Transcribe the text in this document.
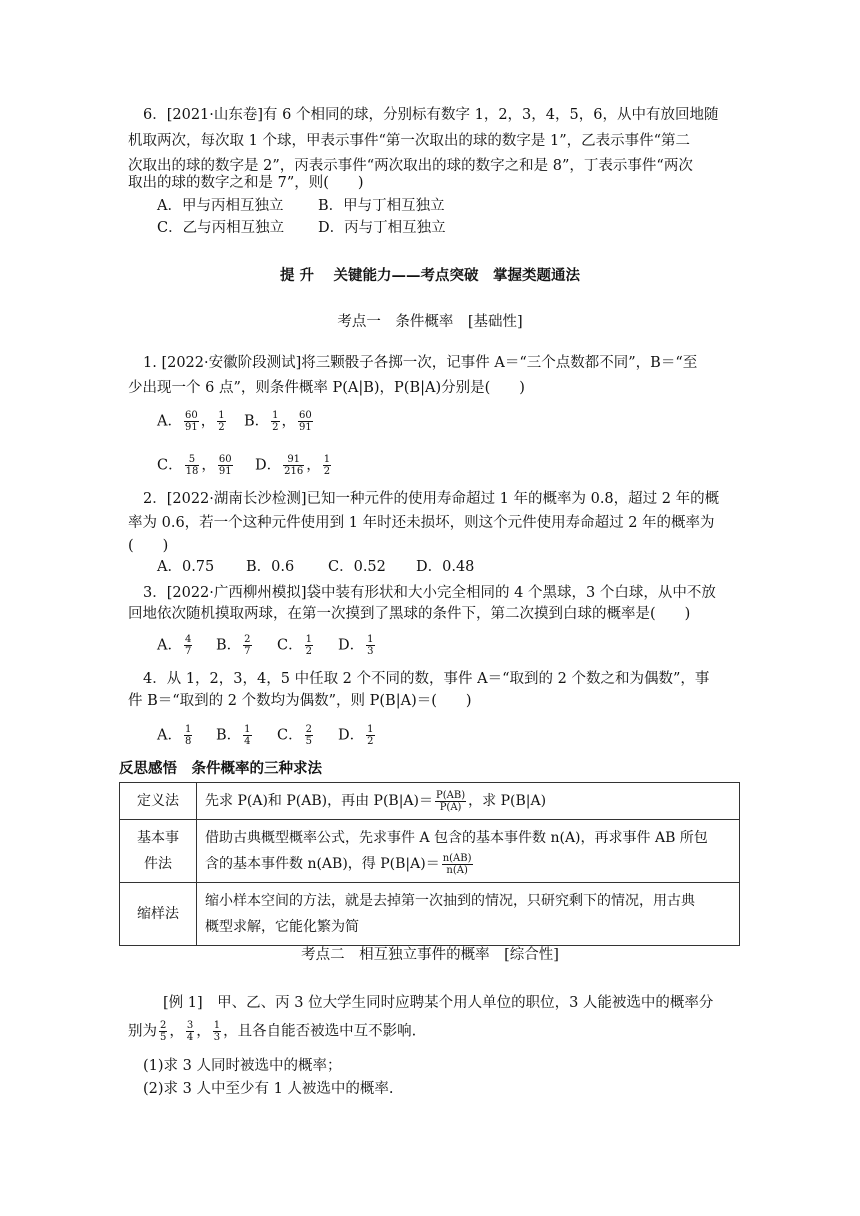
6．[2021·山东卷]有 6 个相同的球，分别标有数字 1，2，3，4，5，6，从中有放回地随
机取两次，每次取 1 个球，甲表示事件“第一次取出的球的数字是 1”，乙表示事件“第二
次取出的球的数字是 2”，丙表示事件“两次取出的球的数字之和是 8”，丁表示事件“两次
取出的球的数字之和是 7”，则(　　)
A．甲与丙相互独立 B．甲与丁相互独立
C．乙与丙相互独立 D．丙与丁相互独立
提 升　 关键能力——考点突破　掌握类题通法
考点一　条件概率　[基础性]
1. [2022·安徽阶段测试]将三颗骰子各掷一次，记事件 A＝“三个点数都不同”，B＝“至
少出现一个 6 点”，则条件概率 P(A|B)，P(B|A)分别是(　　)
A． $\frac{60}{91}$ ， $\frac{1}{2}$ B． $\frac{1}{2}$ ， $\frac{60}{91}$
C． $\frac{5}{18}$ ， $\frac{60}{91}$ D． $\frac{91}{216}$ ， $\frac{1}{2}$
2．[2022·湖南长沙检测]已知一种元件的使用寿命超过 1 年的概率为 0.8，超过 2 年的概
率为 0.6，若一个这种元件使用到 1 年时还未损坏，则这个元件使用寿命超过 2 年的概率为
(　　)
A．0.75 B．0.6 C．0.52 D．0.48
3．[2022·广西柳州模拟]袋中装有形状和大小完全相同的 4 个黑球，3 个白球，从中不放
回地依次随机摸取两球，在第一次摸到了黑球的条件下，第二次摸到白球的概率是(　　)
A． $\frac{4}{7}$ B． $\frac{2}{7}$ C． $\frac{1}{2}$ D． $\frac{1}{3}$
4．从 1，2，3，4，5 中任取 2 个不同的数，事件 A＝“取到的 2 个数之和为偶数”，事
件 B＝“取到的 2 个数均为偶数”，则 P(B|A)＝(　　)
A． $\frac{1}{8}$ B． $\frac{1}{4}$ C． $\frac{2}{5}$ D． $\frac{1}{2}$
反思感悟　条件概率的三种求法
定义法	先求 P(A)和 P(AB)，再由 $P(B|A)= \frac{P(AB)}{P(A)}$ ，求 P(B|A)
基本事
件法	借助古典概型概率公式，先求事件 A 包含的基本事件数 n(A)，再求事件 AB 所包
含的基本事件数 n(AB)，得 $P(B|A)= \frac{n(AB)}{n(A)}$

缩样法	缩小样本空间的方法，就是去掉第一次抽到的情况，只研究剩下的情况，用古典
概型求解，它能化繁为简
考点二　相互独立事件的概率　[综合性]
[例 1]　甲、乙、丙 3 位大学生同时应聘某个用人单位的职位，3 人能被选中的概率分
别为 $\frac{2}{5}$ ， $\frac{3}{4}$ ， $\frac{1}{3}$ ，且各自能否被选中互不影响.
(1)求 3 人同时被选中的概率；
(2)求 3 人中至少有 1 人被选中的概率.
